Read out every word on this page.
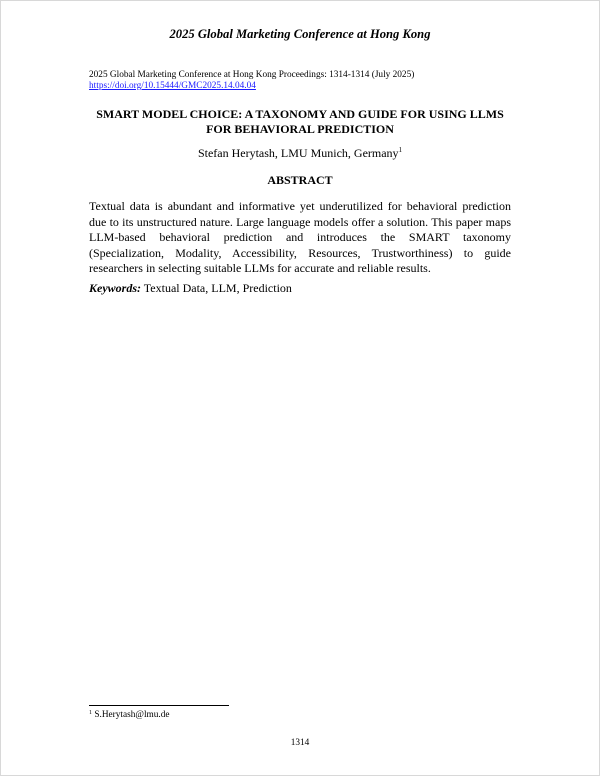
2025 Global Marketing Conference at Hong Kong
2025 Global Marketing Conference at Hong Kong Proceedings: 1314-1314 (July 2025)
https://doi.org/10.15444/GMC2025.14.04.04
SMART MODEL CHOICE: A TAXONOMY AND GUIDE FOR USING LLMS FOR BEHAVIORAL PREDICTION
Stefan Herytash, LMU Munich, Germany$^1$
ABSTRACT
Textual data is abundant and informative yet underutilized for behavioral prediction due to its unstructured nature. Large language models offer a solution. This paper maps LLM-based behavioral prediction and introduces the SMART taxonomy (Specialization, Modality, Accessibility, Resources, Trustworthiness) to guide researchers in selecting suitable LLMs for accurate and reliable results.
Keywords: Textual Data, LLM, Prediction
$^1$ S.Herytash@lmu.de
1314
